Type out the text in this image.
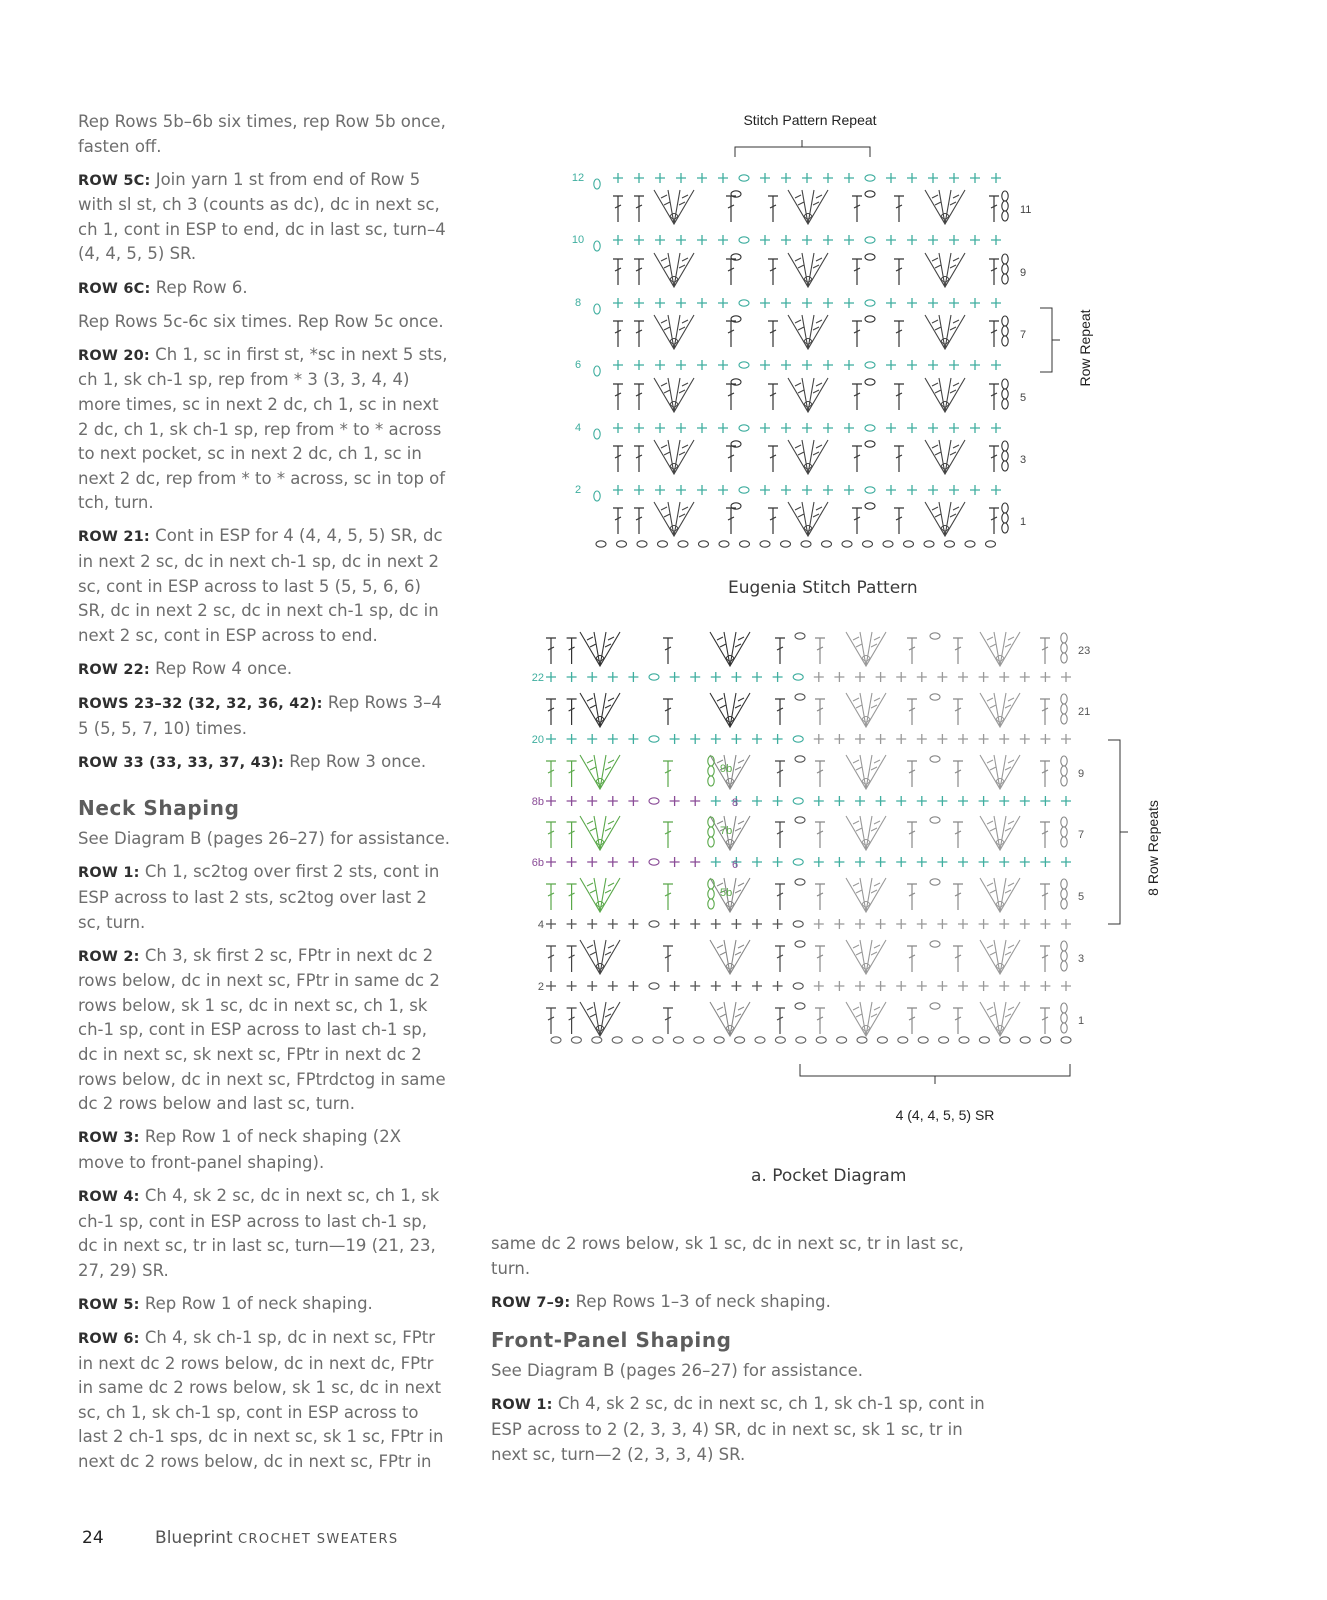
Rep Rows 5b–6b six times, rep Row 5b once, fasten off.

ROW 5C: Join yarn 1 st from end of Row 5 with sl st, ch 3 (counts as dc), dc in next sc, ch 1, cont in ESP to end, dc in last sc, turn–4 (4, 4, 5, 5) SR.

ROW 6C: Rep Row 6.

Rep Rows 5c-6c six times. Rep Row 5c once.

ROW 20: Ch 1, sc in first st, *sc in next 5 sts, ch 1, sk ch-1 sp, rep from * 3 (3, 3, 4, 4) more times, sc in next 2 dc, ch 1, sc in next 2 dc, ch 1, sk ch-1 sp, rep from * to * across to next pocket, sc in next 2 dc, ch 1, sc in next 2 dc, rep from * to * across, sc in top of tch, turn.

ROW 21: Cont in ESP for 4 (4, 4, 5, 5) SR, dc in next 2 sc, dc in next ch-1 sp, dc in next 2 sc, cont in ESP across to last 5 (5, 5, 6, 6) SR, dc in next 2 sc, dc in next ch-1 sp, dc in next 2 sc, cont in ESP across to end.

ROW 22: Rep Row 4 once.

ROWS 23–32 (32, 32, 36, 42): Rep Rows 3–4 5 (5, 5, 7, 10) times.

ROW 33 (33, 33, 37, 43): Rep Row 3 once.

Neck Shaping

See Diagram B (pages 26–27) for assistance.

ROW 1: Ch 1, sc2tog over first 2 sts, cont in ESP across to last 2 sts, sc2tog over last 2 sc, turn.

ROW 2: Ch 3, sk first 2 sc, FPtr in next dc 2 rows below, dc in next sc, FPtr in same dc 2 rows below, sk 1 sc, dc in next sc, ch 1, sk ch-1 sp, cont in ESP across to last ch-1 sp, dc in next sc, sk next sc, FPtr in next dc 2 rows below, dc in next sc, FPtrdctog in same dc 2 rows below and last sc, turn.

ROW 3: Rep Row 1 of neck shaping (2X move to front-panel shaping).

ROW 4: Ch 4, sk 2 sc, dc in next sc, ch 1, sk ch-1 sp, cont in ESP across to last ch-1 sp, dc in next sc, tr in last sc, turn—19 (21, 23, 27, 29) SR.

ROW 5: Rep Row 1 of neck shaping.

ROW 6: Ch 4, sk ch-1 sp, dc in next sc, FPtr in next dc 2 rows below, dc in next dc, FPtr in same dc 2 rows below, sk 1 sc, dc in next sc, ch 1, sk ch-1 sp, cont in ESP across to last 2 ch-1 sps, dc in next sc, sk 1 sc, FPtr in next dc 2 rows below, dc in next sc, FPtr in

same dc 2 rows below, sk 1 sc, dc in next sc, tr in last sc, turn.

ROW 7–9: Rep Rows 1–3 of neck shaping.

Front-Panel Shaping

See Diagram B (pages 26–27) for assistance.

ROW 1: Ch 4, sk 2 sc, dc in next sc, ch 1, sk ch-1 sp, cont in ESP across to 2 (2, 3, 3, 4) SR, dc in next sc, sk 1 sc, tr in next sc, turn—2 (2, 3, 3, 4) SR.

12
10
8
6
4
2
11
9
7
5
3
1
22
20
8b
6b
4
2
23
21
9
7
5
3
1
9b
7b
5b
8
6
Stitch Pattern Repeat
Row Repeat
4 (4, 4, 5, 5) SR
8 Row Repeats
Eugenia Stitch Pattern
a. Pocket Diagram
24	Blueprint CROCHET SWEATERS
